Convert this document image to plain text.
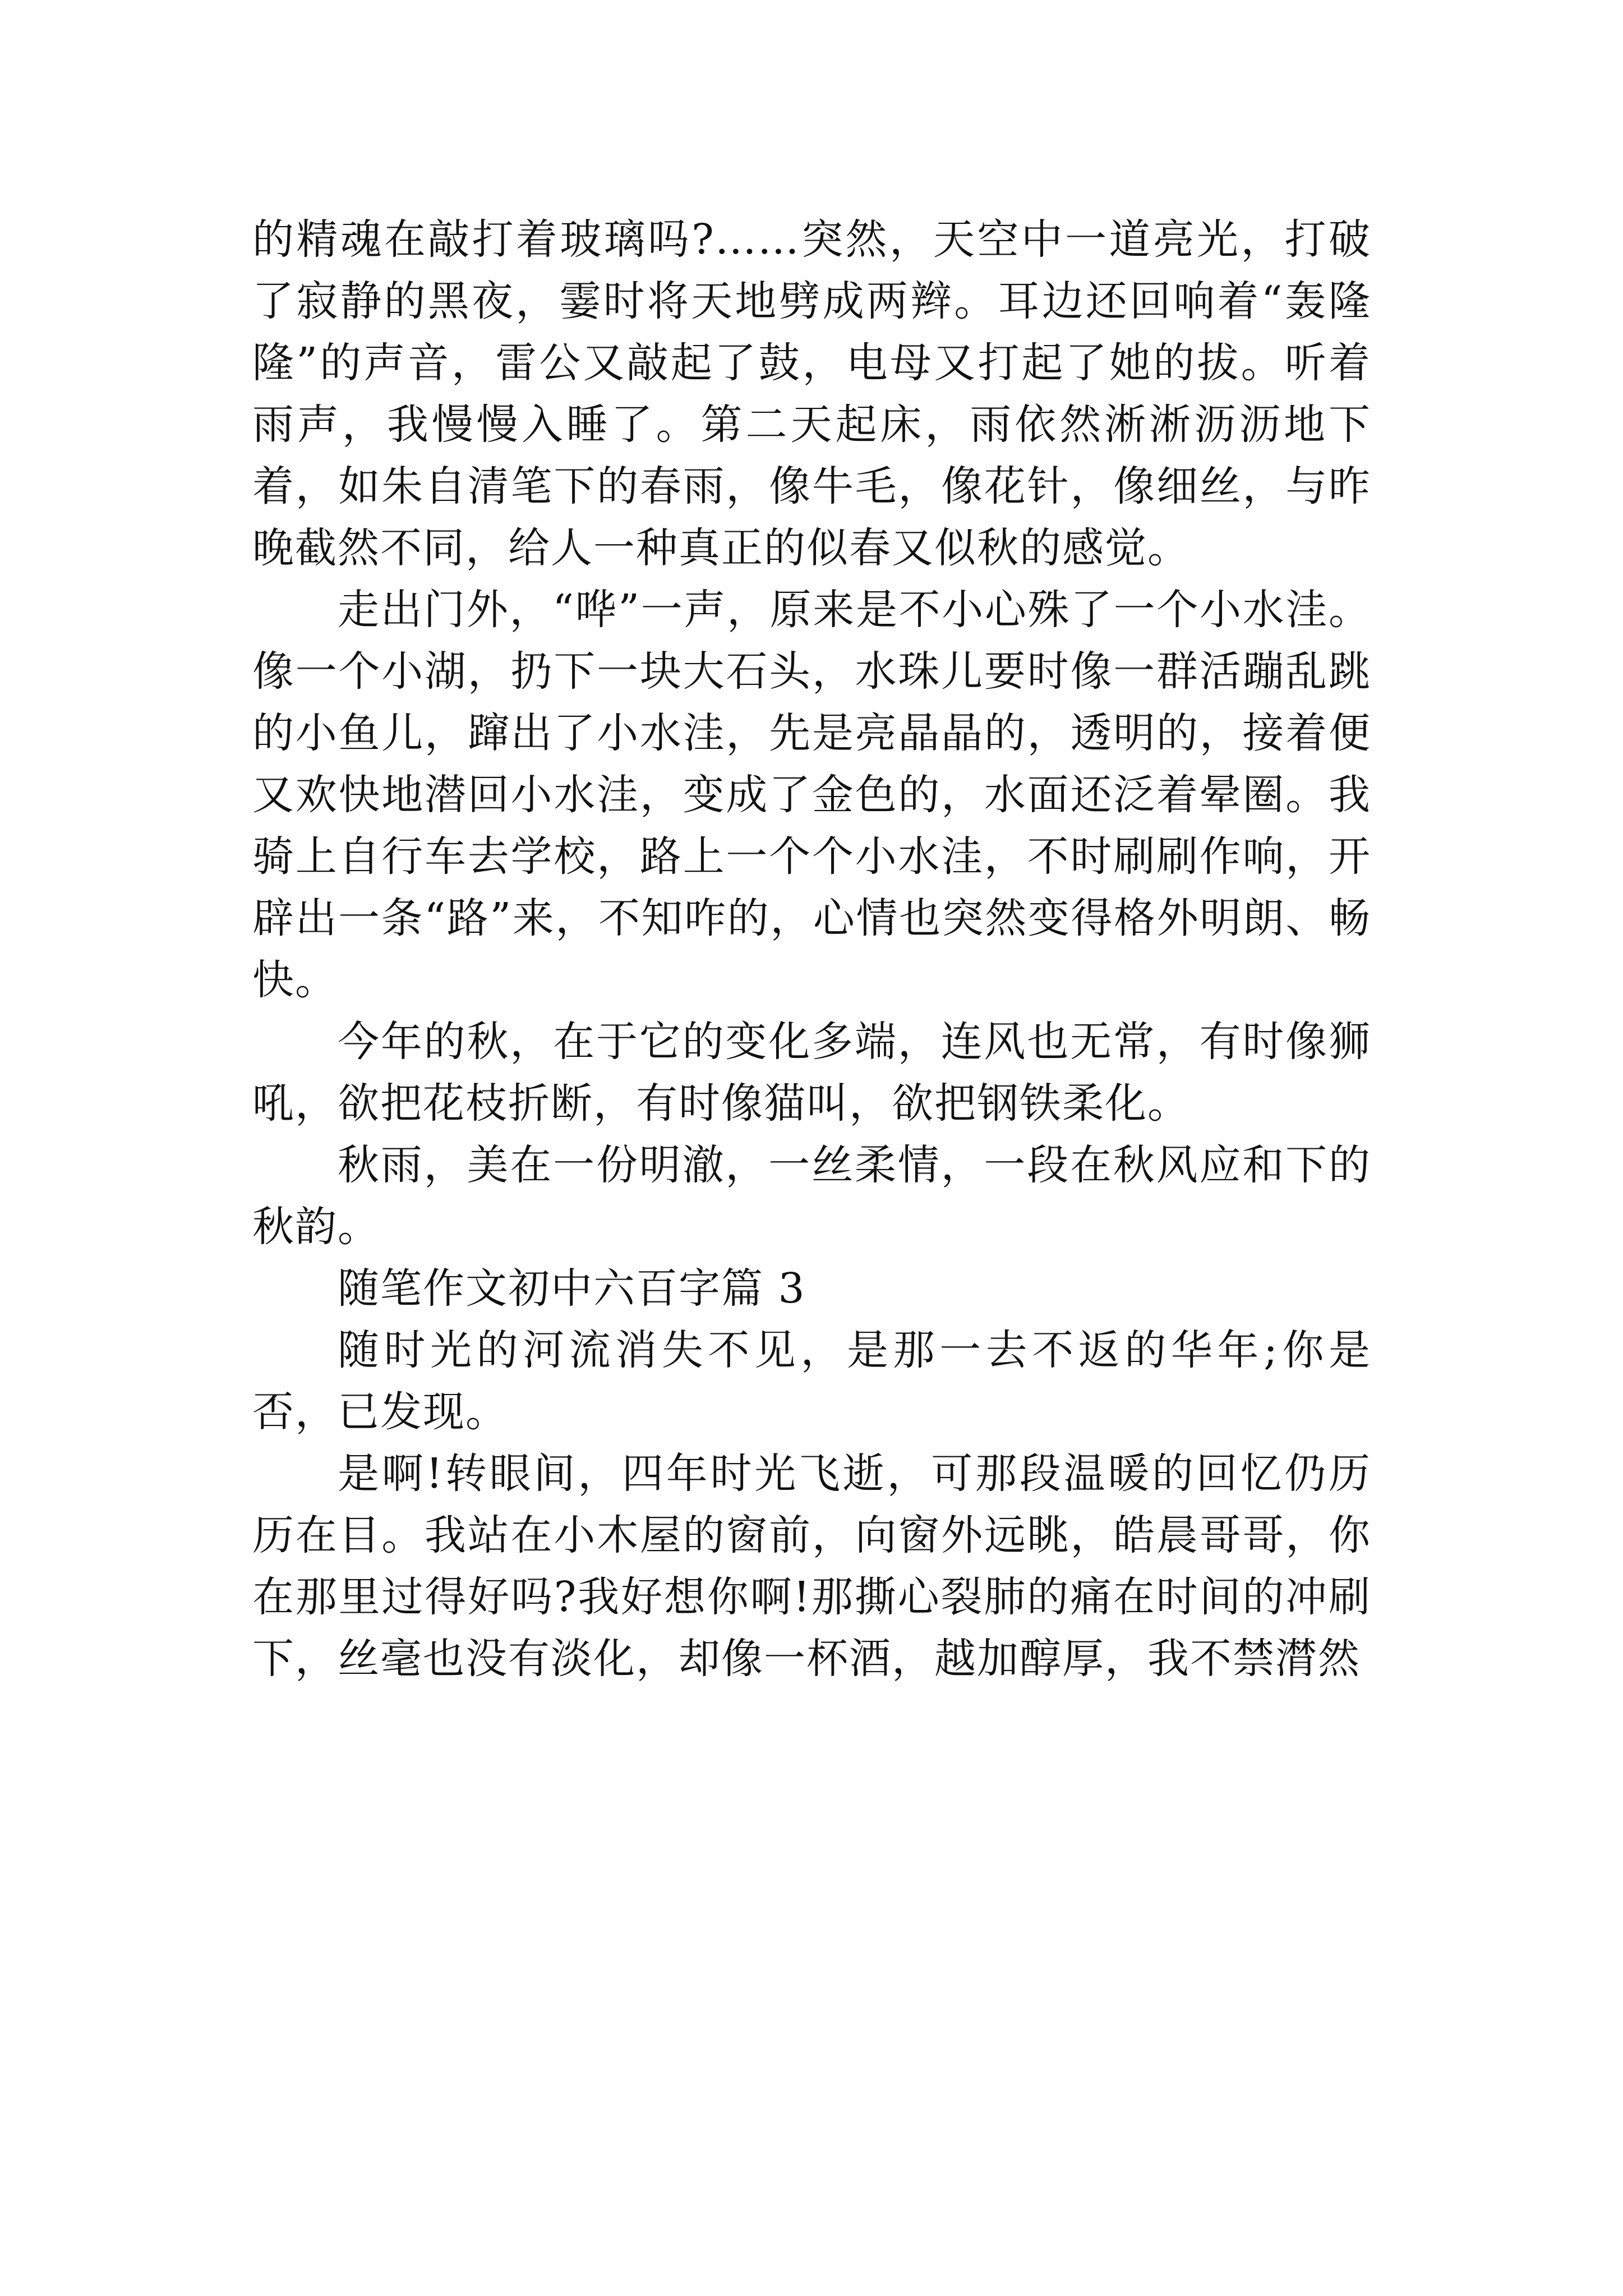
的精魂在敲打着玻璃吗?……突然，天空中一道亮光，打破了寂静的黑夜，霎时将天地劈成两辫。耳边还回响着“轰隆隆”的声音，雷公又敲起了鼓，电母又打起了她的拔。听着雨声，我慢慢入睡了。第二天起床，雨依然淅淅沥沥地下着，如朱自清笔下的春雨，像牛毛，像花针，像细丝，与昨晚截然不同，给人一种真正的似春又似秋的感觉。

走出门外，“哗”一声，原来是不小心殊了一个小水洼。像一个小湖，扔下一块大石头，水珠儿要时像一群活蹦乱跳的小鱼儿，蹿出了小水洼，先是亮晶晶的，透明的，接着便又欢快地潜回小水洼，变成了金色的，水面还泛着晕圈。我骑上自行车去学校，路上一个个小水洼，不时刷刷作响，开辟出一条“路”来，不知咋的，心情也突然变得格外明朗、畅快。

今年的秋，在于它的变化多端，连风也无常，有时像狮吼，欲把花枝折断，有时像猫叫，欲把钢铁柔化。

秋雨，美在一份明澈，一丝柔情，一段在秋风应和下的秋韵。

随笔作文初中六百字篇 3

随时光的河流消失不见，是那一去不返的华年;你是否，已发现。

是啊!转眼间，四年时光飞逝，可那段温暖的回忆仍历历在目。我站在小木屋的窗前，向窗外远眺，皓晨哥哥，你在那里过得好吗?我好想你啊!那撕心裂肺的痛在时间的冲刷下，丝毫也没有淡化，却像一杯酒，越加醇厚，我不禁潸然
